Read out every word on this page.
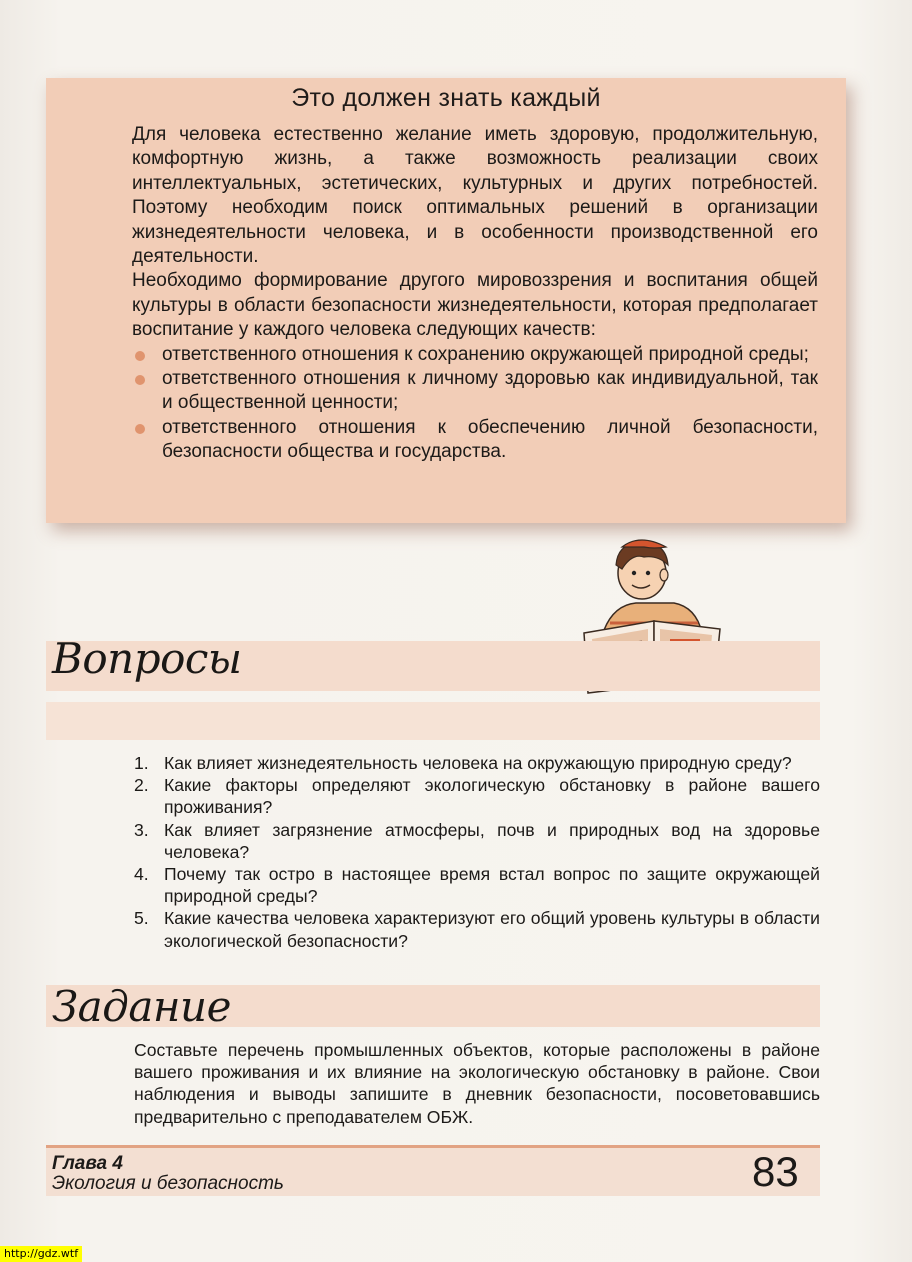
Это должен знать каждый

Для человека естественно желание иметь здоровую, продолжительную, комфортную жизнь, а также возможность реализации своих интеллектуальных, эстетических, культурных и других потребностей. Поэтому необходим поиск оптимальных решений в организации жизнедеятельности человека, и в особенности производственной его деятельности.

Необходимо формирование другого мировоззрения и воспитания общей культуры в области безопасности жизнедеятельности, которая предполагает воспитание у каждого человека следующих качеств:

ответственного отношения к сохранению окружающей природной среды;
ответственного отношения к личному здоровью как индивидуальной, так и общественной ценности;
ответственного отношения к обеспечению личной безопасности, безопасности общества и государства.
Вопросы
1. Как влияет жизнедеятельность человека на окружающую природную среду?
2. Какие факторы определяют экологическую обстановку в районе вашего проживания?
3. Как влияет загрязнение атмосферы, почв и природных вод на здоровье человека?
4. Почему так остро в настоящее время встал вопрос по защите окружающей природной среды?
5. Какие качества человека характеризуют его общий уровень культуры в области экологической безопасности?
Задание
Составьте перечень промышленных объектов, которые расположены в районе вашего проживания и их влияние на экологическую обстановку в районе. Свои наблюдения и выводы запишите в дневник безопасности, посоветовавшись предварительно с преподавателем ОБЖ.
Глава 4
Экология и безопасность	83
http://gdz.wtf
